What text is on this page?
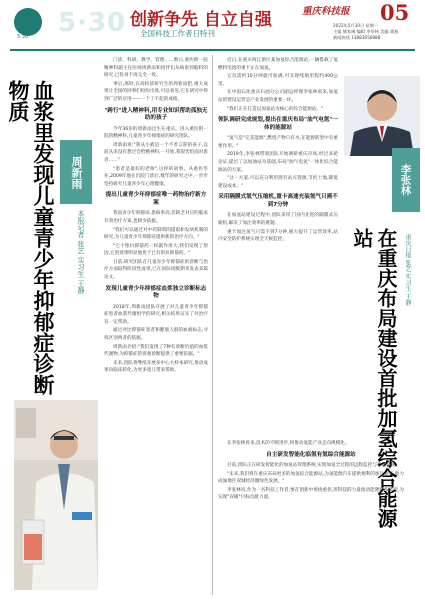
5·30 5·30 创新争先 自立自强
全国科技工作者日特刊
重庆科技报 05
2022年5月30日 星期一
主编 熊家琳 编辑 李华林 美编 谭燕
新闻热线 13883656888
血浆里发现儿童青少年抑郁症诊断物质
周新雨
本报记者 张艺 实习生 王静

门诊、科研、教学、管理……数日,重医附一院精神科副主任医师周新雨和同伴们从病患到脑科的研究,已投身不再完全一致。

事后,那时,在高校读研究生的周新雨把,重大成果让全国的同事们纷纷出席,可以看见,它在研究中得到广泛的应用——一个了不起的成绩。

"跨行"进入精神科,用专业知识帮助孤独无助的孩子

今年36岁的周新雨出生在重庆。进入重医附一院的精神科,儿童青少年抑郁症的研究团队。

周新雨说:"我从小就是一个不善言辞的孩子,以前从来没有想过会给精神科,一开始,我很害怕面对患者……"

"患者是最好的老师",这样的故事。从重医毕业,2009年他在出院门诊后,数年的研究之中,一步步坚持研究儿童青少年心理健康。

提出儿童青少年抑郁症唯一药物治疗新方案

我国青少年抑郁症,患病率高,但缺乏对应的临床有效治疗方案,也缺少依据。

"我们可以通过对中药制剂的提取和发病机制的研究,为儿童青少年抑郁症提供新的治疗方向。"

"它不像抗抑郁药一样副作用大,我们发现了原因,它的效果明显地优于已有的抗抑郁药。"

目前,研究团队在儿童青少年抑郁症的诊断与治疗方面取得阶段性成果,已在国际顶级期刊发表多篇论文。

发现儿童青少年抑郁症血浆独立诊断标志物

2018年,周新雨团队开展了对儿童青少年抑郁症患者血浆代谢组学的研究,相关结果证实了对治疗有一定帮助。

通过对比抑郁症患者和健康人群的血液标志,寻找区别两者的依据。

周新雨介绍:"我们发现了7种有诊断价值的血浆代谢物,为抑郁症的客观诊断提供了重要依据。"

未来,团队将继续开展多中心大样本研究,推动成果向临床转化,为更多患儿带来帮助。

李张林
在重庆布局建设首批加氢综合能源站	重庆日报 张艺 实习生 王静

近日,在重庆两江新区某加氢综合能源站,一辆搭载了氢燃料电池的重卡正在加氢。

它仅需约10分钟就可加满,可实现续航里程约400公里。

在中国石化重庆石油分公司副总经理李张林看来,加氢站的建设运营是产业发展的重要一环。

"我们正在打造以加氢站为核心的综合能源站。"

领队调研完成规划,提出在重庆布局"油气电氢"一体的能源站

"氢气是"完美能源",燃烧产物只有水,在能源转型中有重要作用。"

2019年,李张林带领团队开始调研重庆市场,经过多轮论证,提出了以加油站为基础,布局"油气电氢"一体化综合能源站的方案。

"这一方案,可以充分利用现有站点资源,节约土地,降低建设成本。"

采用隔膜式氢气压缩机,重卡高速充装氢气只需不到7分钟

在加氢站建设过程中,团队采用了国内先进的隔膜式压缩机,解决了加注效率的难题。

重卡加注氢气只需不到7分钟,极大提升了运营效率,站内安全防护系统实现全天候监控。

在李张林看来,技术的不断进步,将推动氢能产业走向规模化。

自主研发智能化临氢有氢综合能源站

目前,团队正在研发智能化的加氢站管理系统,实现加氢全过程的远程监控与智能调度。

"未来,我们将在重庆布局更多的加氢综合能源站,为氢能源汽车提供便利的加注服务,助力成渝地区双城经济圈绿色发展。"

李张林说,作为一名科技工作者,要在创新中勇挑重担,用科技的力量推动能源结构转型,为实现"双碳"目标贡献力量。
